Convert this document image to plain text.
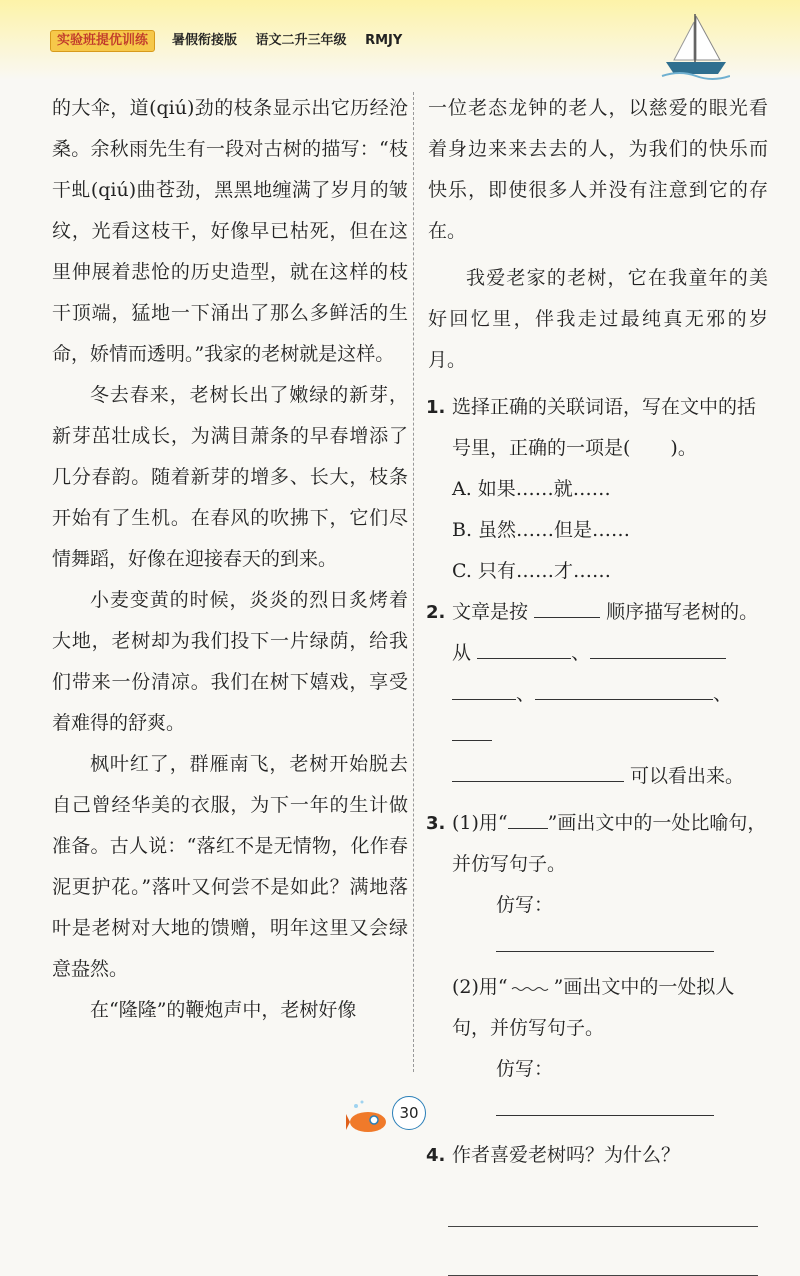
实验班提优训练	暑假衔接版 语文二升三年级 RMJY

的大伞，道(qiú)劲的枝条显示出它历经沧桑。余秋雨先生有一段对古树的描写：“枝干虬(qiú)曲苍劲，黑黑地缠满了岁月的皱纹，光看这枝干，好像早已枯死，但在这里伸展着悲怆的历史造型，就在这样的枝干顶端，猛地一下涌出了那么多鲜活的生命，娇情而透明。”我家的老树就是这样。

冬去春来，老树长出了嫩绿的新芽，新芽茁壮成长，为满目萧条的早春增添了几分春韵。随着新芽的增多、长大，枝条开始有了生机。在春风的吹拂下，它们尽情舞蹈，好像在迎接春天的到来。

小麦变黄的时候，炎炎的烈日炙烤着大地，老树却为我们投下一片绿荫，给我们带来一份清凉。我们在树下嬉戏，享受着难得的舒爽。

枫叶红了，群雁南飞，老树开始脱去自己曾经华美的衣服，为下一年的生计做准备。古人说：“落红不是无情物，化作春泥更护花。”落叶又何尝不是如此？满地落叶是老树对大地的馈赠，明年这里又会绿意盎然。

在“隆隆”的鞭炮声中，老树好像

一位老态龙钟的老人，以慈爱的眼光看着身边来来去去的人，为我们的快乐而快乐，即使很多人并没有注意到它的存在。

我爱老家的老树，它在我童年的美好回忆里，伴我走过最纯真无邪的岁月。

1. 选择正确的关联词语，写在文中的括号里，正确的一项是( )。

A. 如果……就……

B. 虽然……但是……

C. 只有……才……

2. 文章是按	顺序描写老树的。从	、
、	、
可以看出来。
3. (1)用“ ”画出文中的一处比喻句，并仿写句子。
仿写：
(2)用“ ”画出文中的一处拟人句，并仿写句子。
仿写：
4. 作者喜爱老树吗？为什么？
30
